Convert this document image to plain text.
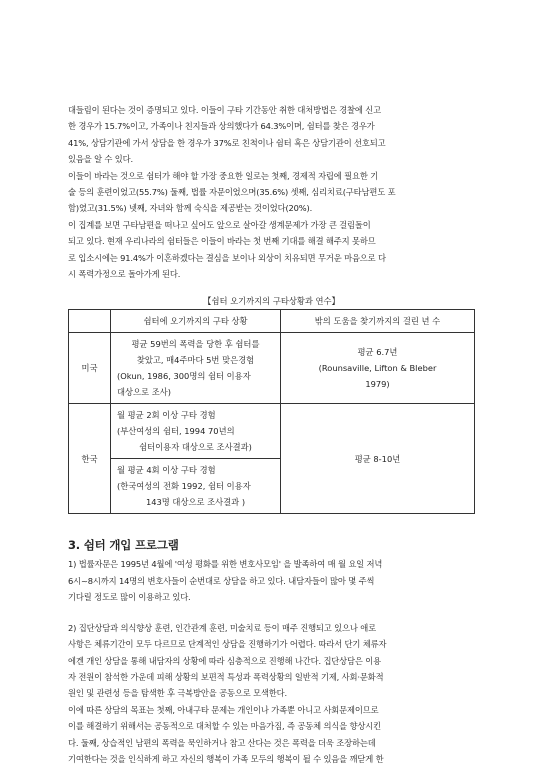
대들림이 된다는 것이 증명되고 있다. 이들이 구타 기간동안 취한 대처방법은 경찰에 신고

한 경우가 15.7%이고, 가족이나 친지들과 상의했다가 64.3%이며, 쉼터를 찾은 경우가

41%, 상담기관에 가서 상담을 한 경우가 37%로 친척이나 쉼터 혹은 상담기관이 선호되고

있음을 알 수 있다.

이들이 바라는 것으로 쉼터가 해야 할 가장 중요한 일로는 첫째, 경제적 자립에 필요한 기

술 등의 훈련이었고(55.7%) 둘째, 법률 자문이었으며(35.6%) 셋째, 심리치료(구타남편도 포

함)였고(31.5%) 넷째, 자녀와 함께 숙식을 제공받는 것이었다(20%).

이 집계를 보면 구타남편을 떠나고 싶어도 앞으로 살아갈 생계문제가 가장 큰 걸림돌이

되고 있다. 현재 우리나라의 쉼터들은 이들이 바라는 첫 번째 기대를 해결 해주지 못하므

로 입소시에는 91.4%가 이혼하겠다는 결심을 보이나 외상이 치유되면 무거운 마음으로 다

시 폭력가정으로 돌아가게 된다.

【쉼터 오기까지의 구타상황과 연수】
	쉼터에 오기까지의 구타 상황	밖의 도움을 찾기까지의 걸린 년 수
미국	평균 59번의 폭력을 당한 후 쉼터를
찾았고, 매4주마다 5번 맞은경험
(Okun, 1986, 300명의 쉼터 이용자
대상으로 조사)	평균 6.7년
(Rounsaville, Lifton & Bleber
1979)

한국	월 평균 2회 이상 구타 경험
(부산여성의 쉼터, 1994 70년의
쉼터이용자 대상으로 조사결과)	평균 8-10년

	월 평균 4회 이상 구타 경험
(한국여성의 전화 1992, 쉼터 이용자
143명 대상으로 조사결과 )	
3. 쉼터 개입 프로그램

1) 법률자문은 1995년 4월에 '여성 평화를 위한 변호사모임' 을 발족하여 매 월 요일 저녁

6시~8시까지 14명의 변호사들이 순번대로 상담을 하고 있다. 내담자들이 많아 몇 주씩

기다릴 정도로 많이 이용하고 있다.

2) 집단상담과 의식향상 훈련, 인간관계 훈련, 미술치료 등이 매주 진행되고 있으나 애로

사항은 체류기간이 모두 다르므로 단계적인 상담을 진행하기가 어렵다. 따라서 단기 체류자

에겐 개인 상담을 통해 내담자의 상황에 따라 심층적으로 진행해 나간다. 집단상담은 이용

자 전원이 참석한 가운데 피해 상황의 보편적 특성과 폭력상황의 일반적 기제, 사회·문화적

원인 및 관련성 등을 탐색한 후 극복방안을 공동으로 모색한다.

이에 따른 상담의 목표는 첫째, 아내구타 문제는 개인이나 가족뿐 아니고 사회문제이므로

이를 해결하기 위해서는 공동적으로 대처할 수 있는 마음가짐, 즉 공동체 의식을 향상시킨

다. 둘째, 상습적인 남편의 폭력을 묵인하거나 참고 산다는 것은 폭력을 더욱 조장하는데

기여한다는 것을 인식하게 하고 자신의 행복이 가족 모두의 행복이 될 수 있음을 깨닫게 한
